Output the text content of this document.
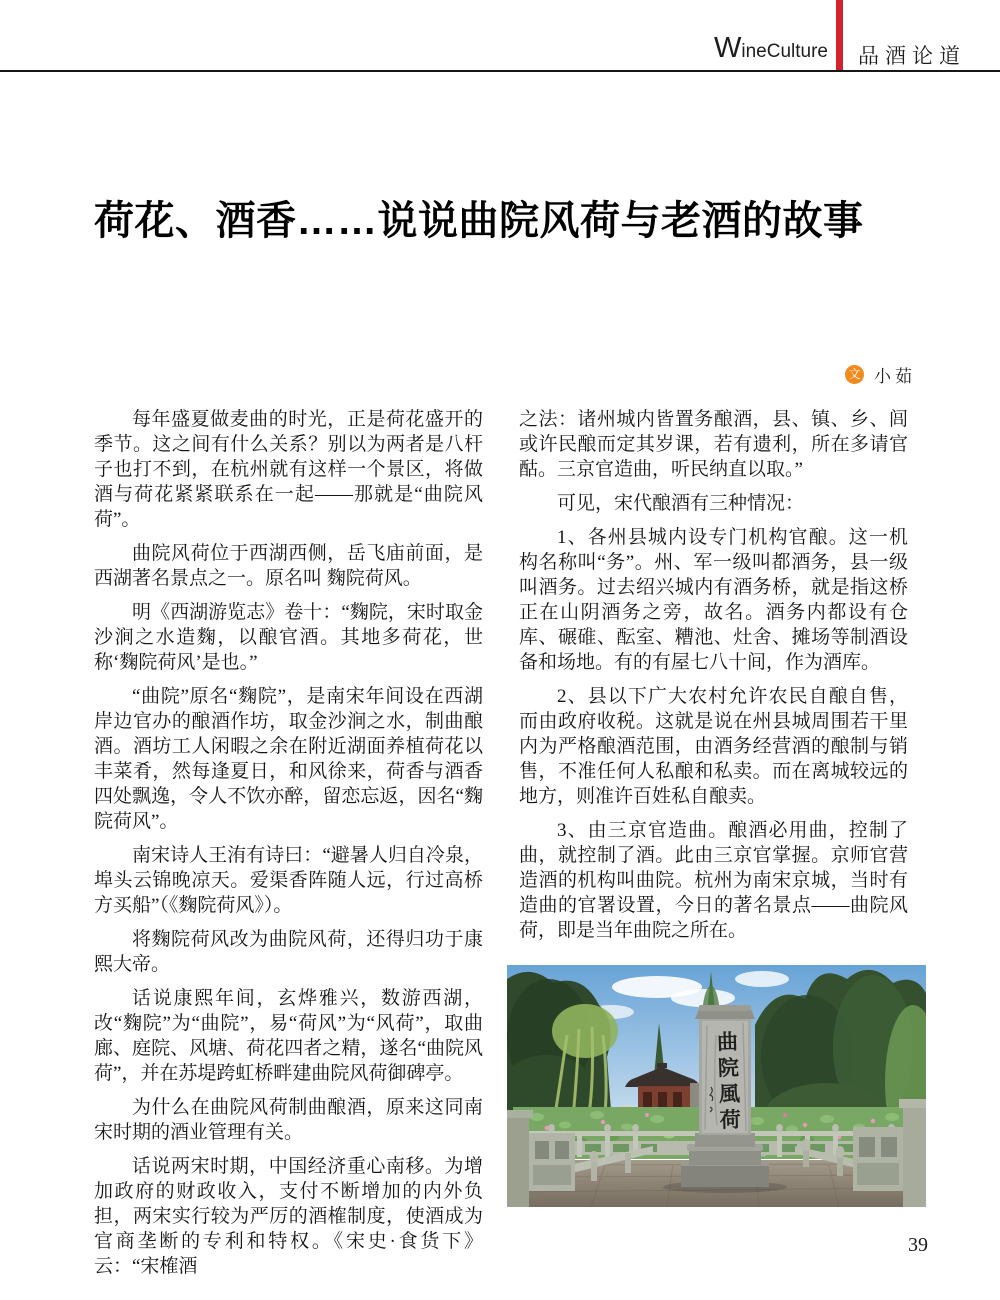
WineCulture 品酒论道
荷花、酒香……说说曲院风荷与老酒的故事
文 小茹

每年盛夏做麦曲的时光，正是荷花盛开的季节。这之间有什么关系？别以为两者是八杆子也打不到，在杭州就有这样一个景区，将做酒与荷花紧紧联系在一起——那就是“曲院风荷”。

曲院风荷位于西湖西侧，岳飞庙前面，是西湖著名景点之一。原名叫 麴院荷风。

明《西湖游览志》卷十：“麴院，宋时取金沙涧之水造麴，以酿官酒。其地多荷花，世称‘麴院荷风’是也。”

“曲院”原名“麴院”，是南宋年间设在西湖岸边官办的酿酒作坊，取金沙涧之水，制曲酿酒。酒坊工人闲暇之余在附近湖面养植荷花以丰菜肴，然每逢夏日，和风徐来，荷香与酒香四处飘逸，令人不饮亦醉，留恋忘返，因名“麴院荷风”。

南宋诗人王洧有诗曰：“避暑人归自冷泉，埠头云锦晚凉天。爱渠香阵随人远，行过高桥方买船”（《麴院荷风》）。

将麴院荷风改为曲院风荷，还得归功于康熙大帝。

话说康熙年间，玄烨雅兴，数游西湖，改“麴院”为“曲院”，易“荷风”为“风荷”，取曲廊、庭院、风塘、荷花四者之精，遂名“曲院风荷”，并在苏堤跨虹桥畔建曲院风荷御碑亭。

为什么在曲院风荷制曲酿酒，原来这同南宋时期的酒业管理有关。

话说两宋时期，中国经济重心南移。为增加政府的财政收入，支付不断增加的内外负担，两宋实行较为严厉的酒榷制度，使酒成为官商垄断的专利和特权。《宋史·食货下》云：“宋榷酒

之法：诸州城内皆置务酿酒，县、镇、乡、闾或许民酿而定其岁课，若有遗利，所在多请官酤。三京官造曲，听民纳直以取。”

可见，宋代酿酒有三种情况：

1、各州县城内设专门机构官酿。这一机构名称叫“务”。州、军一级叫都酒务，县一级叫酒务。过去绍兴城内有酒务桥，就是指这桥正在山阴酒务之旁，故名。酒务内都设有仓库、碾碓、酝室、糟池、灶舍、摊场等制酒设备和场地。有的有屋七八十间，作为酒库。

2、县以下广大农村允许农民自酿自售，而由政府收税。这就是说在州县城周围若干里内为严格酿酒范围，由酒务经营酒的酿制与销售，不准任何人私酿和私卖。而在离城较远的地方，则准许百姓私自酿卖。

3、由三京官造曲。酿酒必用曲，控制了曲，就控制了酒。此由三京官掌握。京师官营造酒的机构叫曲院。杭州为南宋京城，当时有造曲的官署设置，今日的著名景点——曲院风荷，即是当年曲院之所在。

曲
院
風
荷
39
